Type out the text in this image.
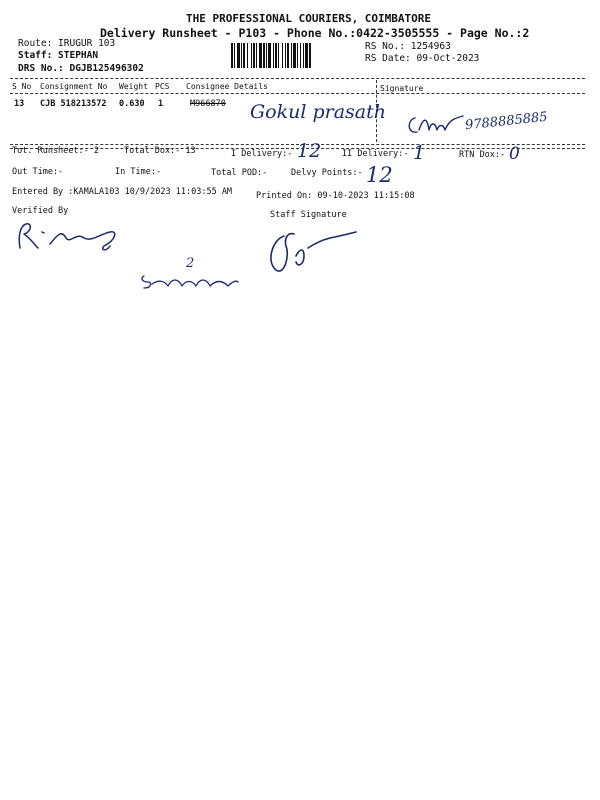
THE PROFESSIONAL COURIERS, COIMBATORE
Delivery Runsheet - P103 - Phone No.:0422-3505555 - Page No.:2
Route: IRUGUR 103
Staff: STEPHAN
DRS No.: DGJB125496302
RS No.: 1254963
RS Date: 09-Oct-2023
S No Consignment No Weight PCS Consignee Details	Signature
13 CJB 518213572 0.630 1	M966870 Gokul prasath	9788885885
Tot. Runsheet:- 2	Total Dox:- 13	I Delivery:- 12 II Delivery:- 1	RTN Dox:- 0
Out Time:-	In Time:-	Total POD:-	Delvy Points:- 12
Entered By :KAMALA103 10/9/2023 11:03:55 AM	Printed On: 09-10-2023 11:15:08
Verified By	Staff Signature
2
